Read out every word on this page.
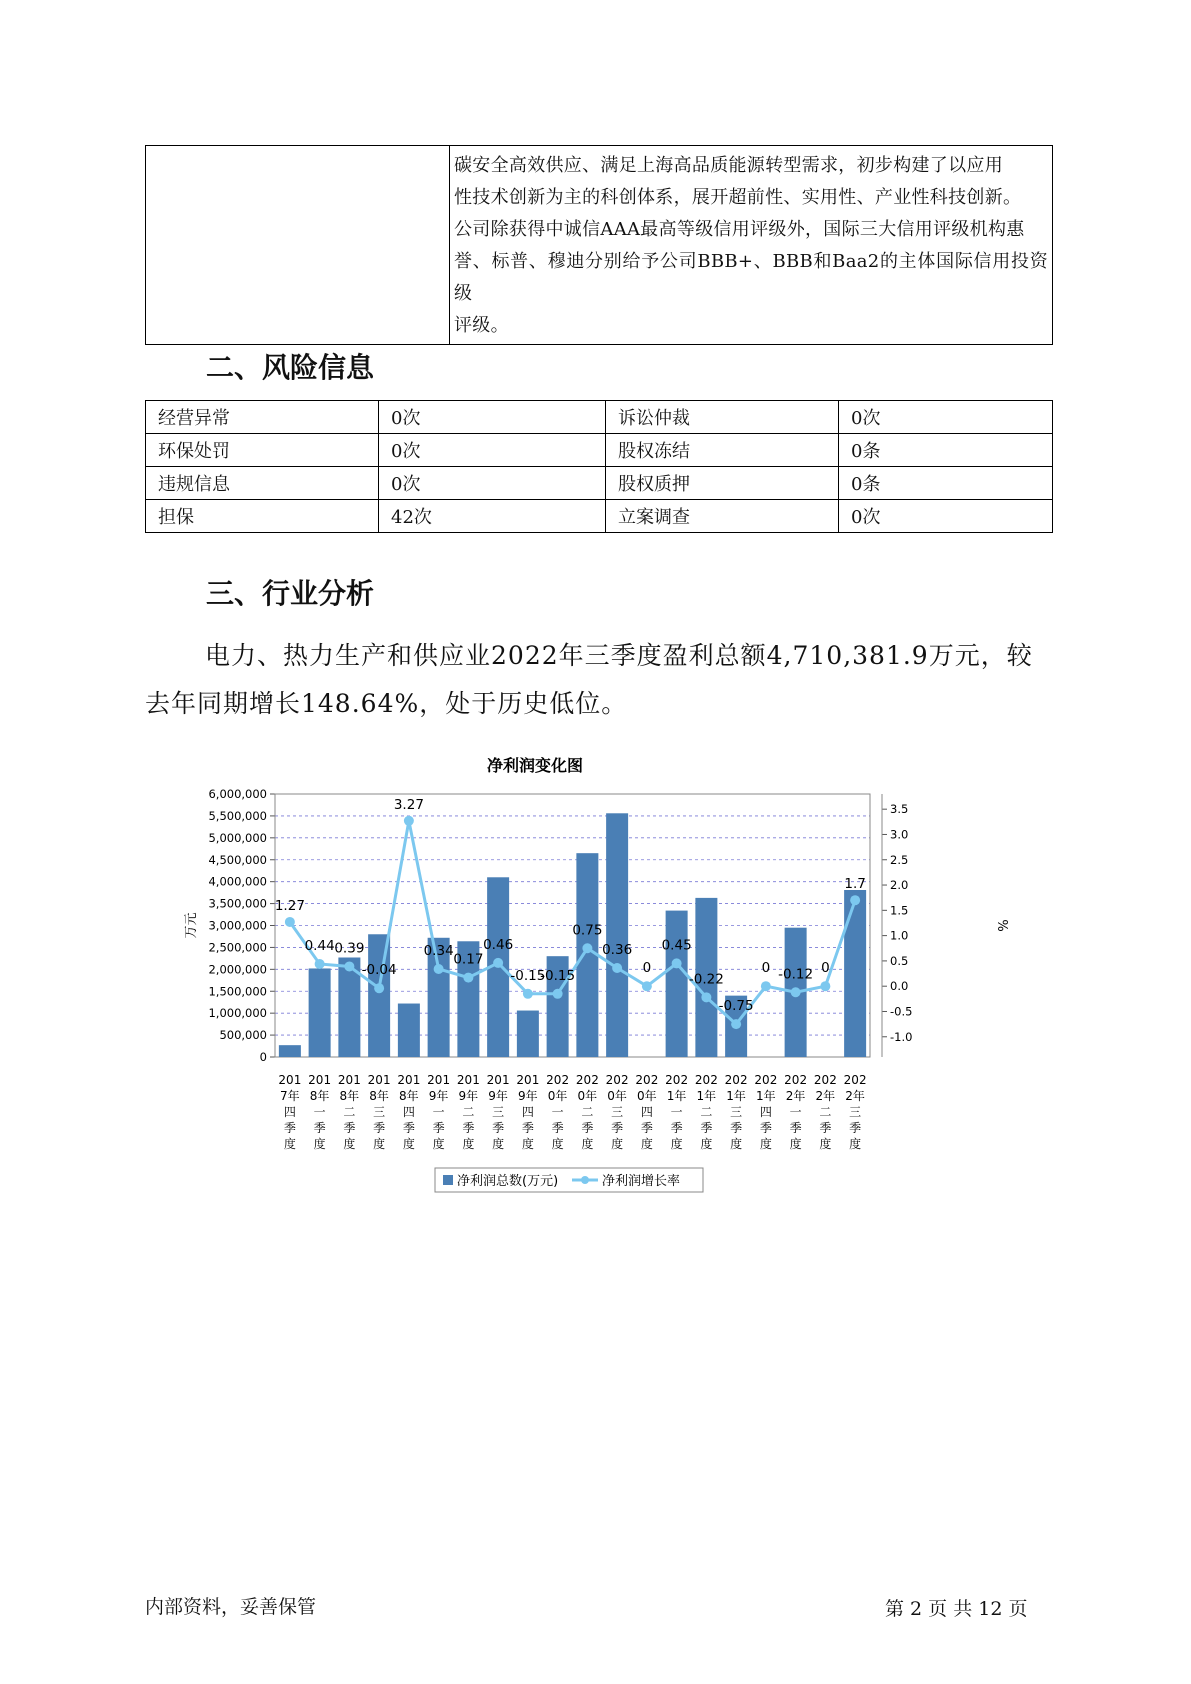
碳安全高效供应、满足上海高品质能源转型需求，初步构建了以应用
性技术创新为主的科创体系，展开超前性、实用性、产业性科技创新。
公司除获得中诚信AAA最高等级信用评级外，国际三大信用评级机构惠
誉、标普、穆迪分别给予公司BBB+、BBB和Baa2的主体国际信用投资级
评级。
二、风险信息
经营异常	0次	诉讼仲裁	0次
环保处罚	0次	股权冻结	0条
违规信息	0次	股权质押	0条
担保	42次	立案调查	0次
三、行业分析

电力、热力生产和供应业2022年三季度盈利总额4,710,381.9万元，较
去年同期增长148.64%，处于历史低位。

净利润变化图
0
500,000
1,000,000
1,500,000
2,000,000
2,500,000
3,000,000
3,500,000
4,000,000
4,500,000
5,000,000
5,500,000
6,000,000
-1.0
-0.5
0.0
0.5
1.0
1.5
2.0
2.5
3.0
3.5
万元	%
201
7年
四
季
度
201
8年
一
季
度
201
8年
二
季
度
201
8年
三
季
度
201
8年
四
季
度
201
9年
一
季
度
201
9年
二
季
度
201
9年
三
季
度
201
9年
四
季
度
202
0年
一
季
度
202
0年
二
季
度
202
0年
三
季
度
202
0年
四
季
度
202
1年
一
季
度
202
1年
二
季
度
202
1年
三
季
度
202
1年
四
季
度
202
2年
一
季
度
202
2年
二
季
度
202
2年
三
季
度
1.27
0.44 0.39
-0.04
3.27
0.34
0.17
0.46
-0.15
-0.15
0.75
0.36
0
0.45
-0.22
-0.75
0 -0.12 0
1.7
净利润总数(万元)	净利润增长率
内部资料，妥善保管	第 2 页 共 12 页
